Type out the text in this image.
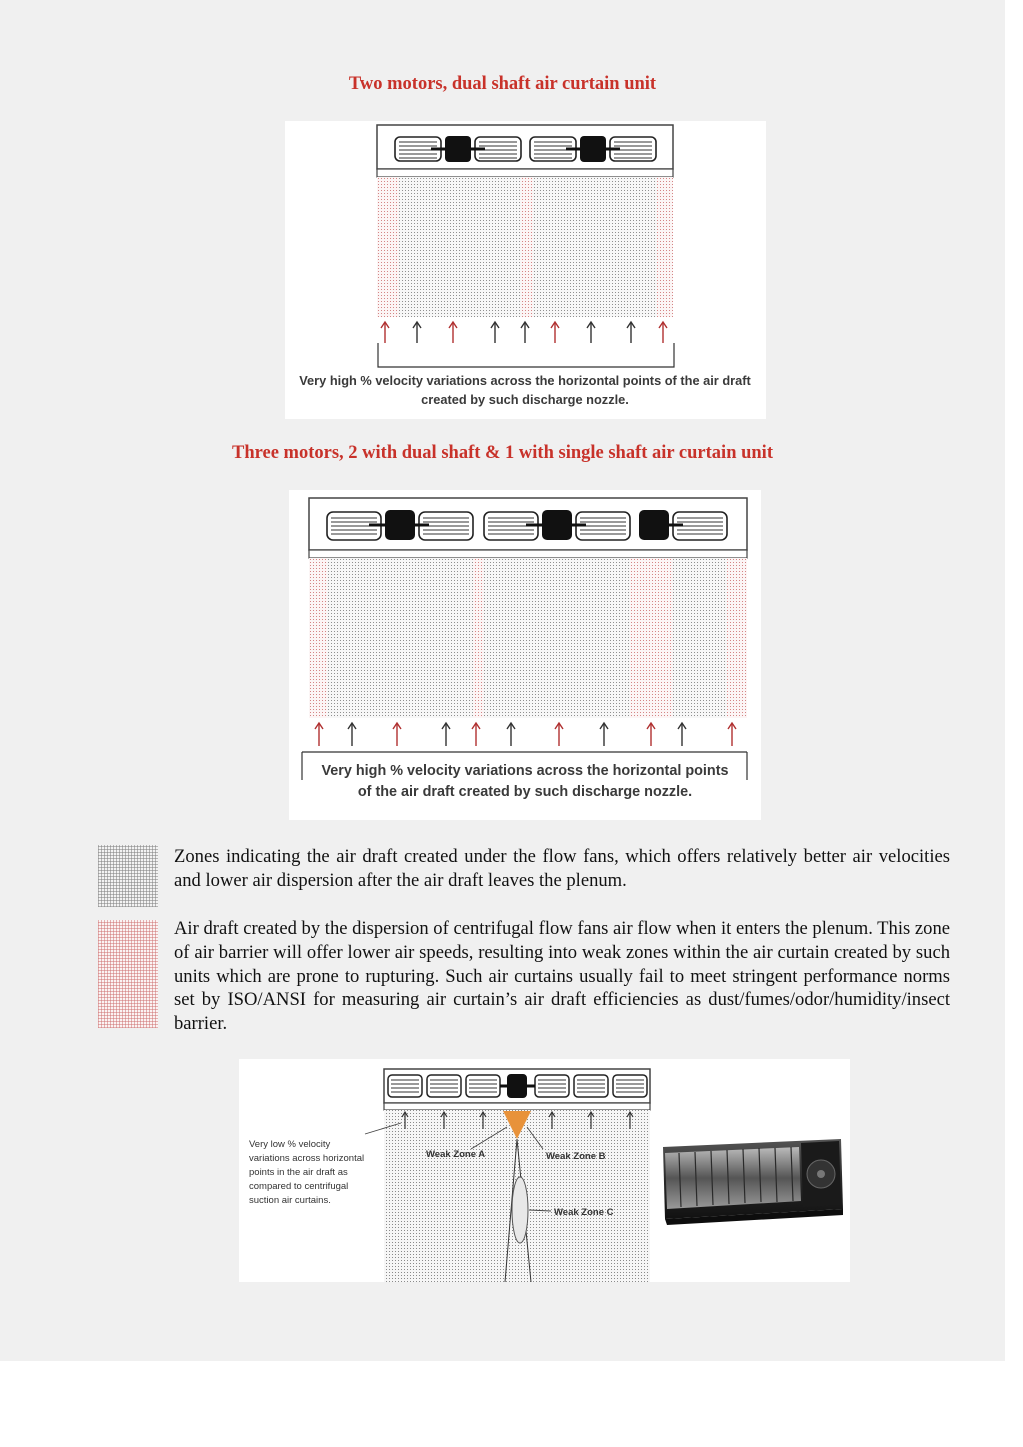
Two motors, dual shaft air curtain unit
Very high % velocity variations across the horizontal points of the air draft
created by such discharge nozzle.
Three motors, 2 with dual shaft & 1 with single shaft air curtain unit
Very high % velocity variations across the horizontal points
of the air draft created by such discharge nozzle.
Zones indicating the air draft created under the flow fans, which offers relatively better air velocities and lower air dispersion after the air draft leaves the plenum.
Air draft created by the dispersion of centrifugal flow fans air flow when it enters the plenum. This zone of air barrier will offer lower air speeds, resulting into weak zones within the air curtain created by such units which are prone to rupturing. Such air curtains usually fail to meet stringent performance norms set by ISO/ANSI for measuring air curtain’s air draft efficiencies as dust/fumes/odor/humidity/insect barrier.
Very low % velocity
variations across horizontal
points in the air draft as
compared to centrifugal
suction air curtains.
Weak Zone A	Weak Zone B
Weak Zone C
